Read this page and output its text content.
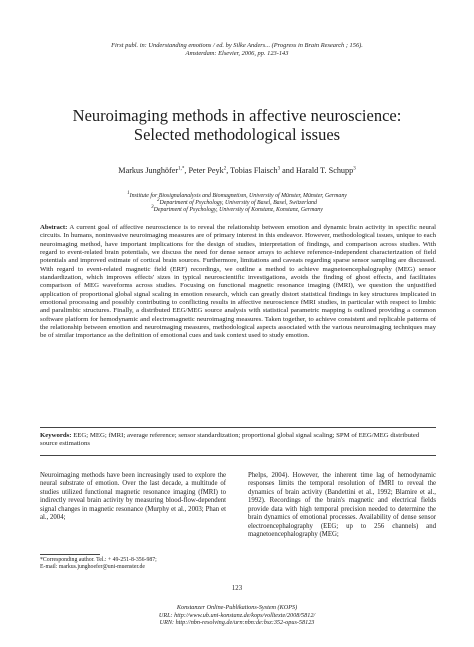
First publ. in: Understanding emotions / ed. by Silke Anders... (Progress in Brain Research ; 156).
Amsterdam: Elsevier, 2006, pp. 123-143
Neuroimaging methods in affective neuroscience:
Selected methodological issues
Markus Junghöfer$^{1,*}$, Peter Peyk$^2$, Tobias Flaisch$^3$ and Harald T. Schupp$^3$
$^1$Institute for Biosignalanalysis and Biomagnetism, University of Münster, Münster, Germany
$^2$Department of Psychology, University of Basel, Basel, Switzerland
$^3$Department of Psychology, University of Konstanz, Konstanz, Germany
Abstract: A current goal of affective neuroscience is to reveal the relationship between emotion and dynamic brain activity in specific neural circuits. In humans, noninvasive neuroimaging measures are of primary interest in this endeavor. However, methodological issues, unique to each neuroimaging method, have important implications for the design of studies, interpretation of findings, and comparison across studies. With regard to event-related brain potentials, we discuss the need for dense sensor arrays to achieve reference-independent characterization of field potentials and improved estimate of cortical brain sources. Furthermore, limitations and caveats regarding sparse sensor sampling are discussed. With regard to event-related magnetic field (ERF) recordings, we outline a method to achieve magnetoencephalography (MEG) sensor standardization, which improves effects' sizes in typical neuroscientific investigations, avoids the finding of ghost effects, and facilitates comparison of MEG waveforms across studies. Focusing on functional magnetic resonance imaging (fMRI), we question the unjustified application of proportional global signal scaling in emotion research, which can greatly distort statistical findings in key structures implicated in emotional processing and possibly contributing to conflicting results in affective neuroscience fMRI studies, in particular with respect to limbic and paralimbic structures. Finally, a distributed EEG/MEG source analysis with statistical parametric mapping is outlined providing a common software platform for hemodynamic and electromagnetic neuroimaging measures. Taken together, to achieve consistent and replicable patterns of the relationship between emotion and neuroimaging measures, methodological aspects associated with the various neuroimaging techniques may be of similar importance as the definition of emotional cues and task context used to study emotion.
Keywords: EEG; MEG; fMRI; average reference; sensor standardization; proportional global signal scaling; SPM of EEG/MEG distributed source estimations
Neuroimaging methods have been increasingly used to explore the neural substrate of emotion. Over the last decade, a multitude of studies utilized functional magnetic resonance imaging (fMRI) to indirectly reveal brain activity by measuring blood-flow-dependent signal changes in magnetic resonance (Murphy et al., 2003; Phan et al., 2004;
Phelps, 2004). However, the inherent time lag of hemodynamic responses limits the temporal resolution of fMRI to reveal the dynamics of brain activity (Bandettini et al., 1992; Blamire et al., 1992). Recordings of the brain's magnetic and electrical fields provide data with high temporal precision needed to determine the brain dynamics of emotional processes. Availability of dense sensor electroencephalography (EEG; up to 256 channels) and magnetoencephalography (MEG;
*Corresponding author. Tel.: + 49-251-8-356-987;
E-mail: markus.junghoefer@uni-muenster.de
123
Konstanzer Online-Publikations-System (KOPS)
URL: http://www.ub.uni-konstanz.de/kops/volltexte/2008/5812/
URN: http://nbn-resolving.de/urn:nbn:de:bsz:352-opus-58123
